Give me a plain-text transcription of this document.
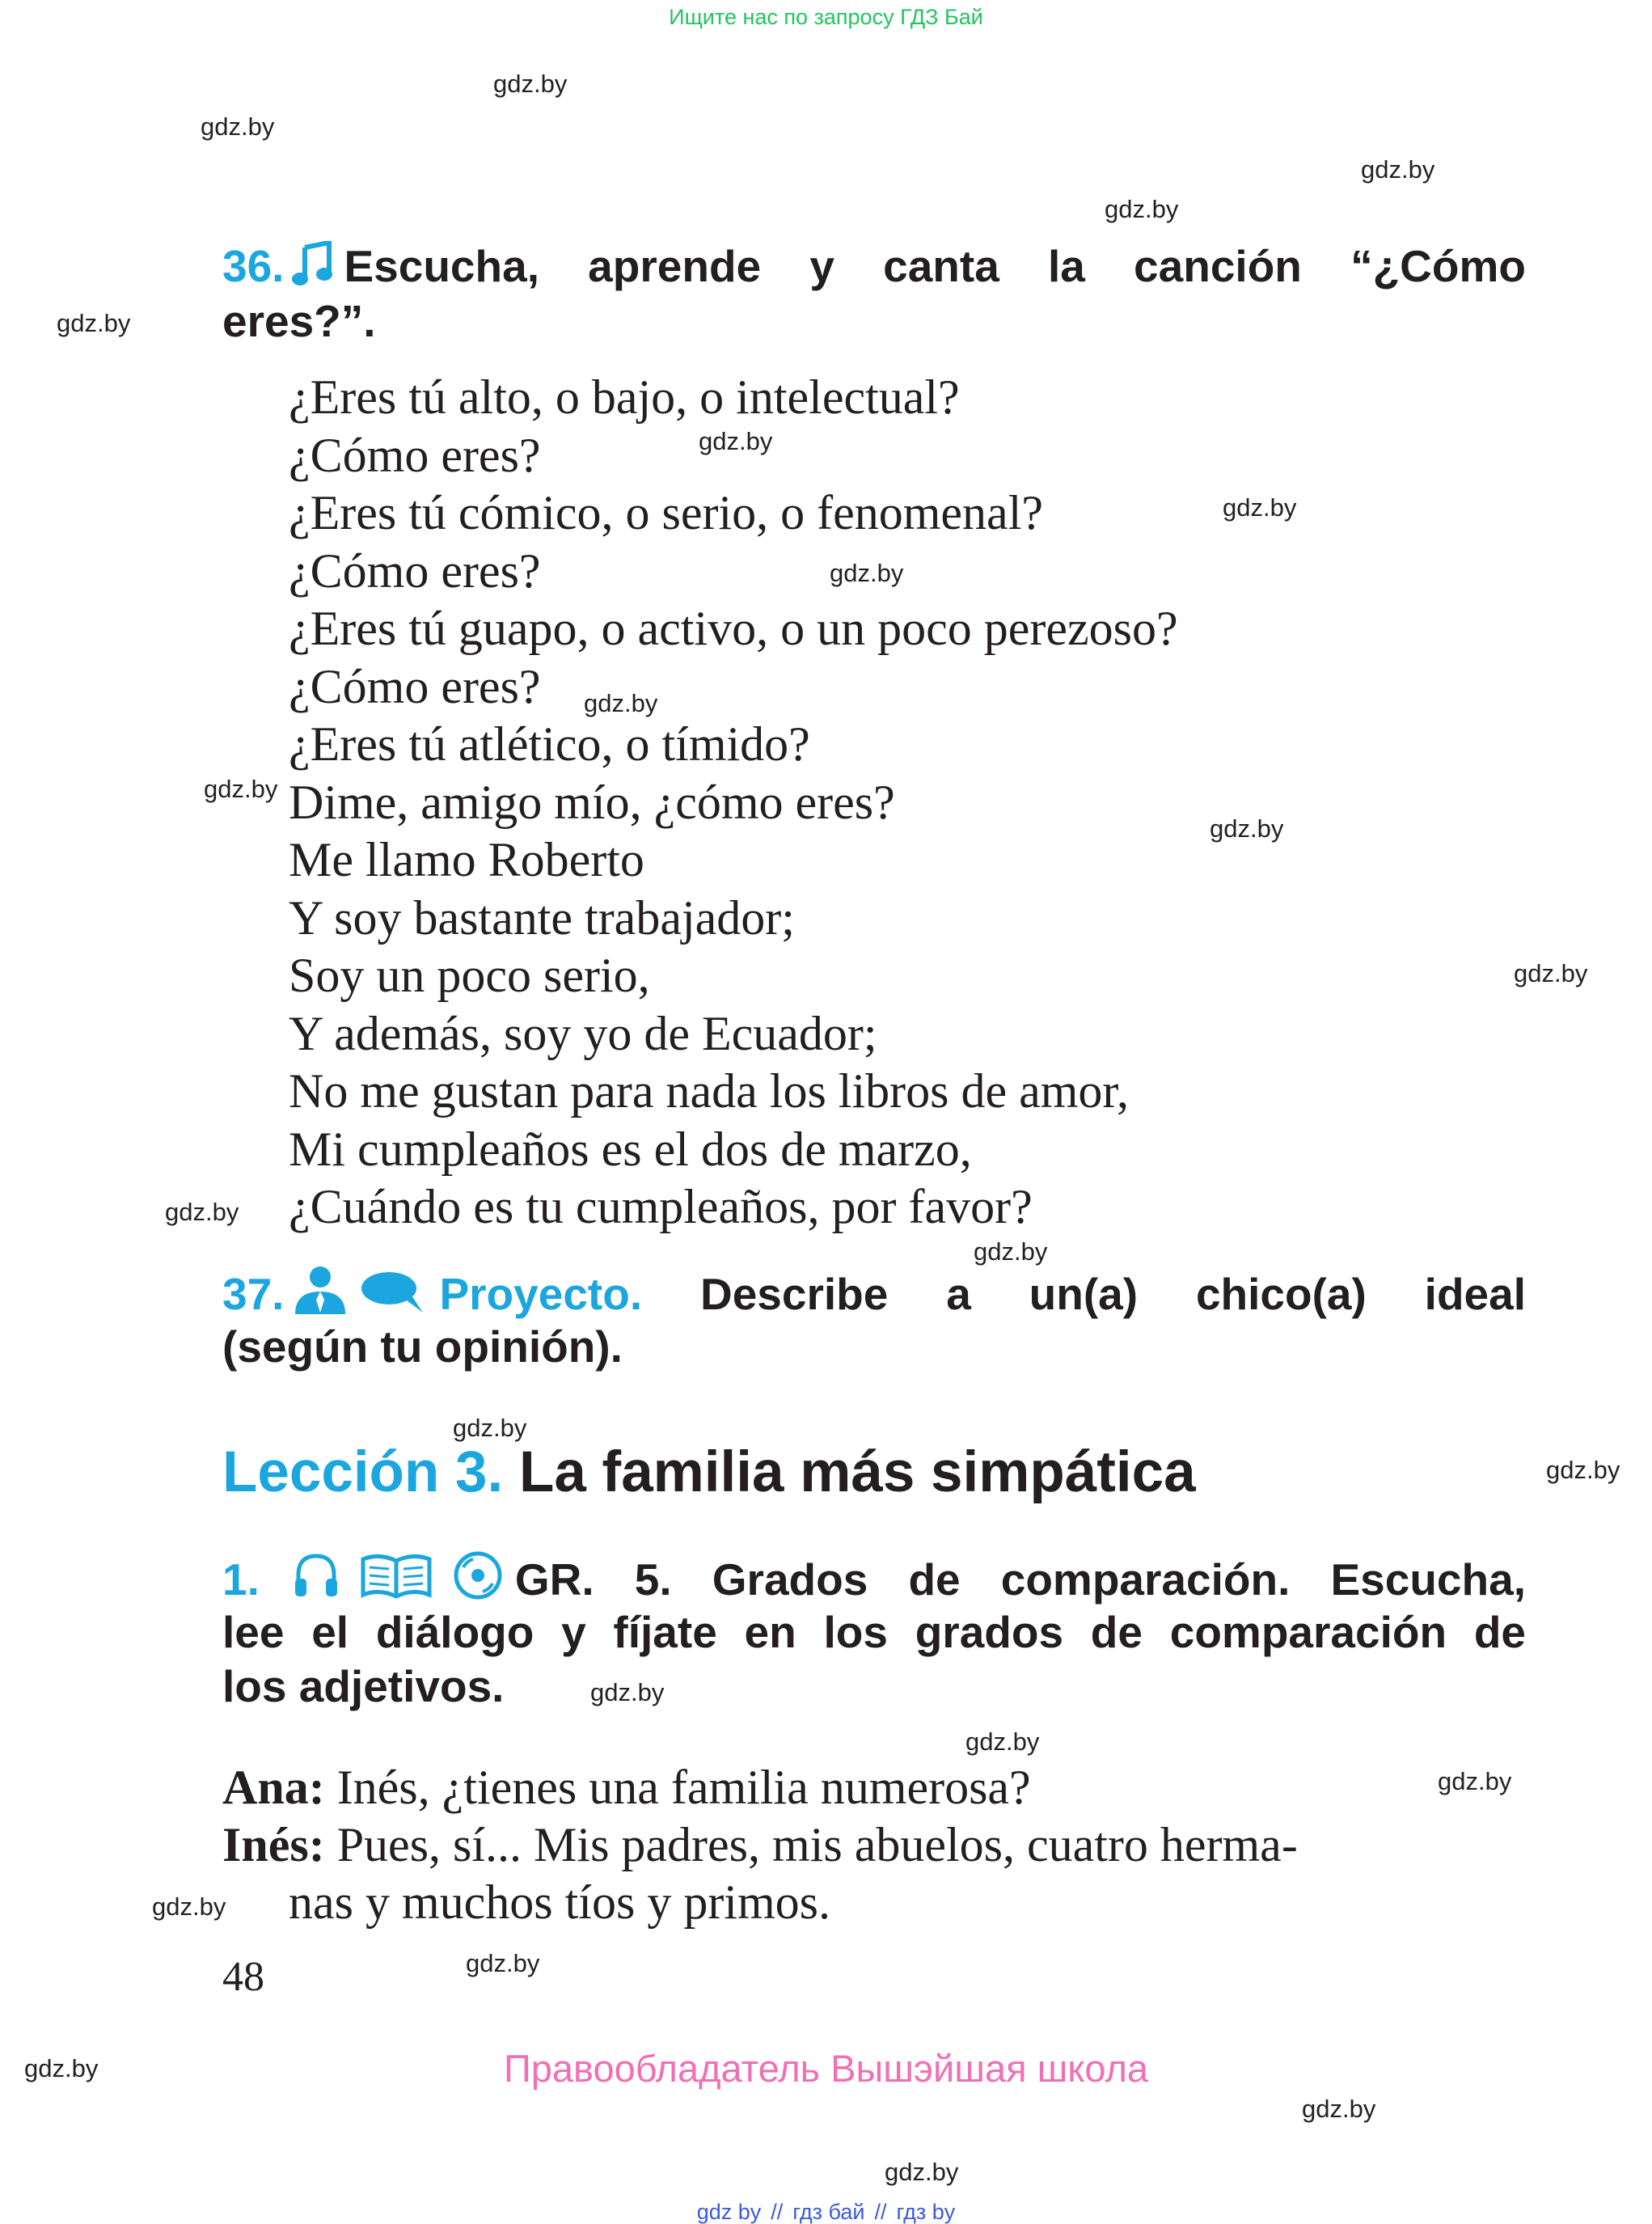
Ищите нас по запросу ГДЗ Бай
gdz.by
gdz.by
gdz.by
gdz.by
gdz.by
gdz.by
gdz.by
gdz.by
gdz.by
gdz.by
gdz.by
gdz.by
gdz.by
gdz.by
gdz.by
gdz.by
gdz.by
gdz.by
gdz.by
gdz.by
gdz.by
gdz.by
gdz.by
gdz.by
36. Escucha, aprende y canta la canción “¿Cómo
eres?”.
¿Eres tú alto, o bajo, o intelectual?
¿Cómo eres?
¿Eres tú cómico, o serio, o fenomenal?
¿Cómo eres?
¿Eres tú guapo, o activo, o un poco perezoso?
¿Cómo eres?
¿Eres tú atlético, o tímido?
Dime, amigo mío, ¿cómo eres?
Me llamo Roberto
Y soy bastante trabajador;
Soy un poco serio,
Y además, soy yo de Ecuador;
No me gustan para nada los libros de amor,
Mi cumpleaños es el dos de marzo,
¿Cuándo es tu cumpleaños, por favor?
37.	Proyecto. Describe a un(a) chico(a) ideal
(según tu opinión).
Lección 3. La familia más simpática
1.	GR. 5. Grados de comparación. Escucha,
lee el diálogo y fíjate en los grados de comparación de
los adjetivos.
Ana: Inés, ¿tienes una familia numerosa?
Inés: Pues, sí... Mis padres, mis abuelos, cuatro herma-
nas y muchos tíos y primos.
48
Правообладатель Вышэйшая школа
gdz by // гдз бай // гдз by
